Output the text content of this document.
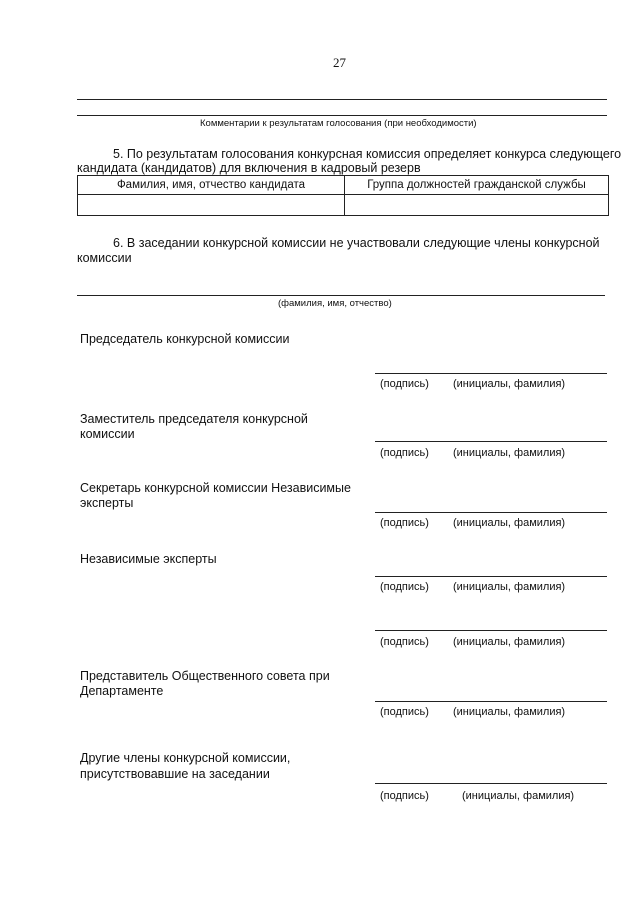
27
Комментарии к результатам голосования (при необходимости)
5. По результатам голосования конкурсная комиссия определяет конкурса следующего
кандидата (кандидатов) для включения в кадровый резерв
Фамилия, имя, отчество кандидата	Группа должностей гражданской службы

6. В заседании конкурсной комиссии не участвовали следующие члены конкурсной
комиссии
(фамилия, имя, отчество)
Председатель конкурсной комиссии
(подпись) (инициалы, фамилия)
Заместитель председателя конкурсной
комиссии
(подпись) (инициалы, фамилия)
Секретарь конкурсной комиссии Независимые
эксперты
(подпись) (инициалы, фамилия)
Независимые эксперты
(подпись) (инициалы, фамилия)
(подпись) (инициалы, фамилия)
Представитель Общественного совета при
Департаменте
(подпись) (инициалы, фамилия)
Другие члены конкурсной комиссии,
присутствовавшие на заседании
(подпись)	(инициалы, фамилия)
